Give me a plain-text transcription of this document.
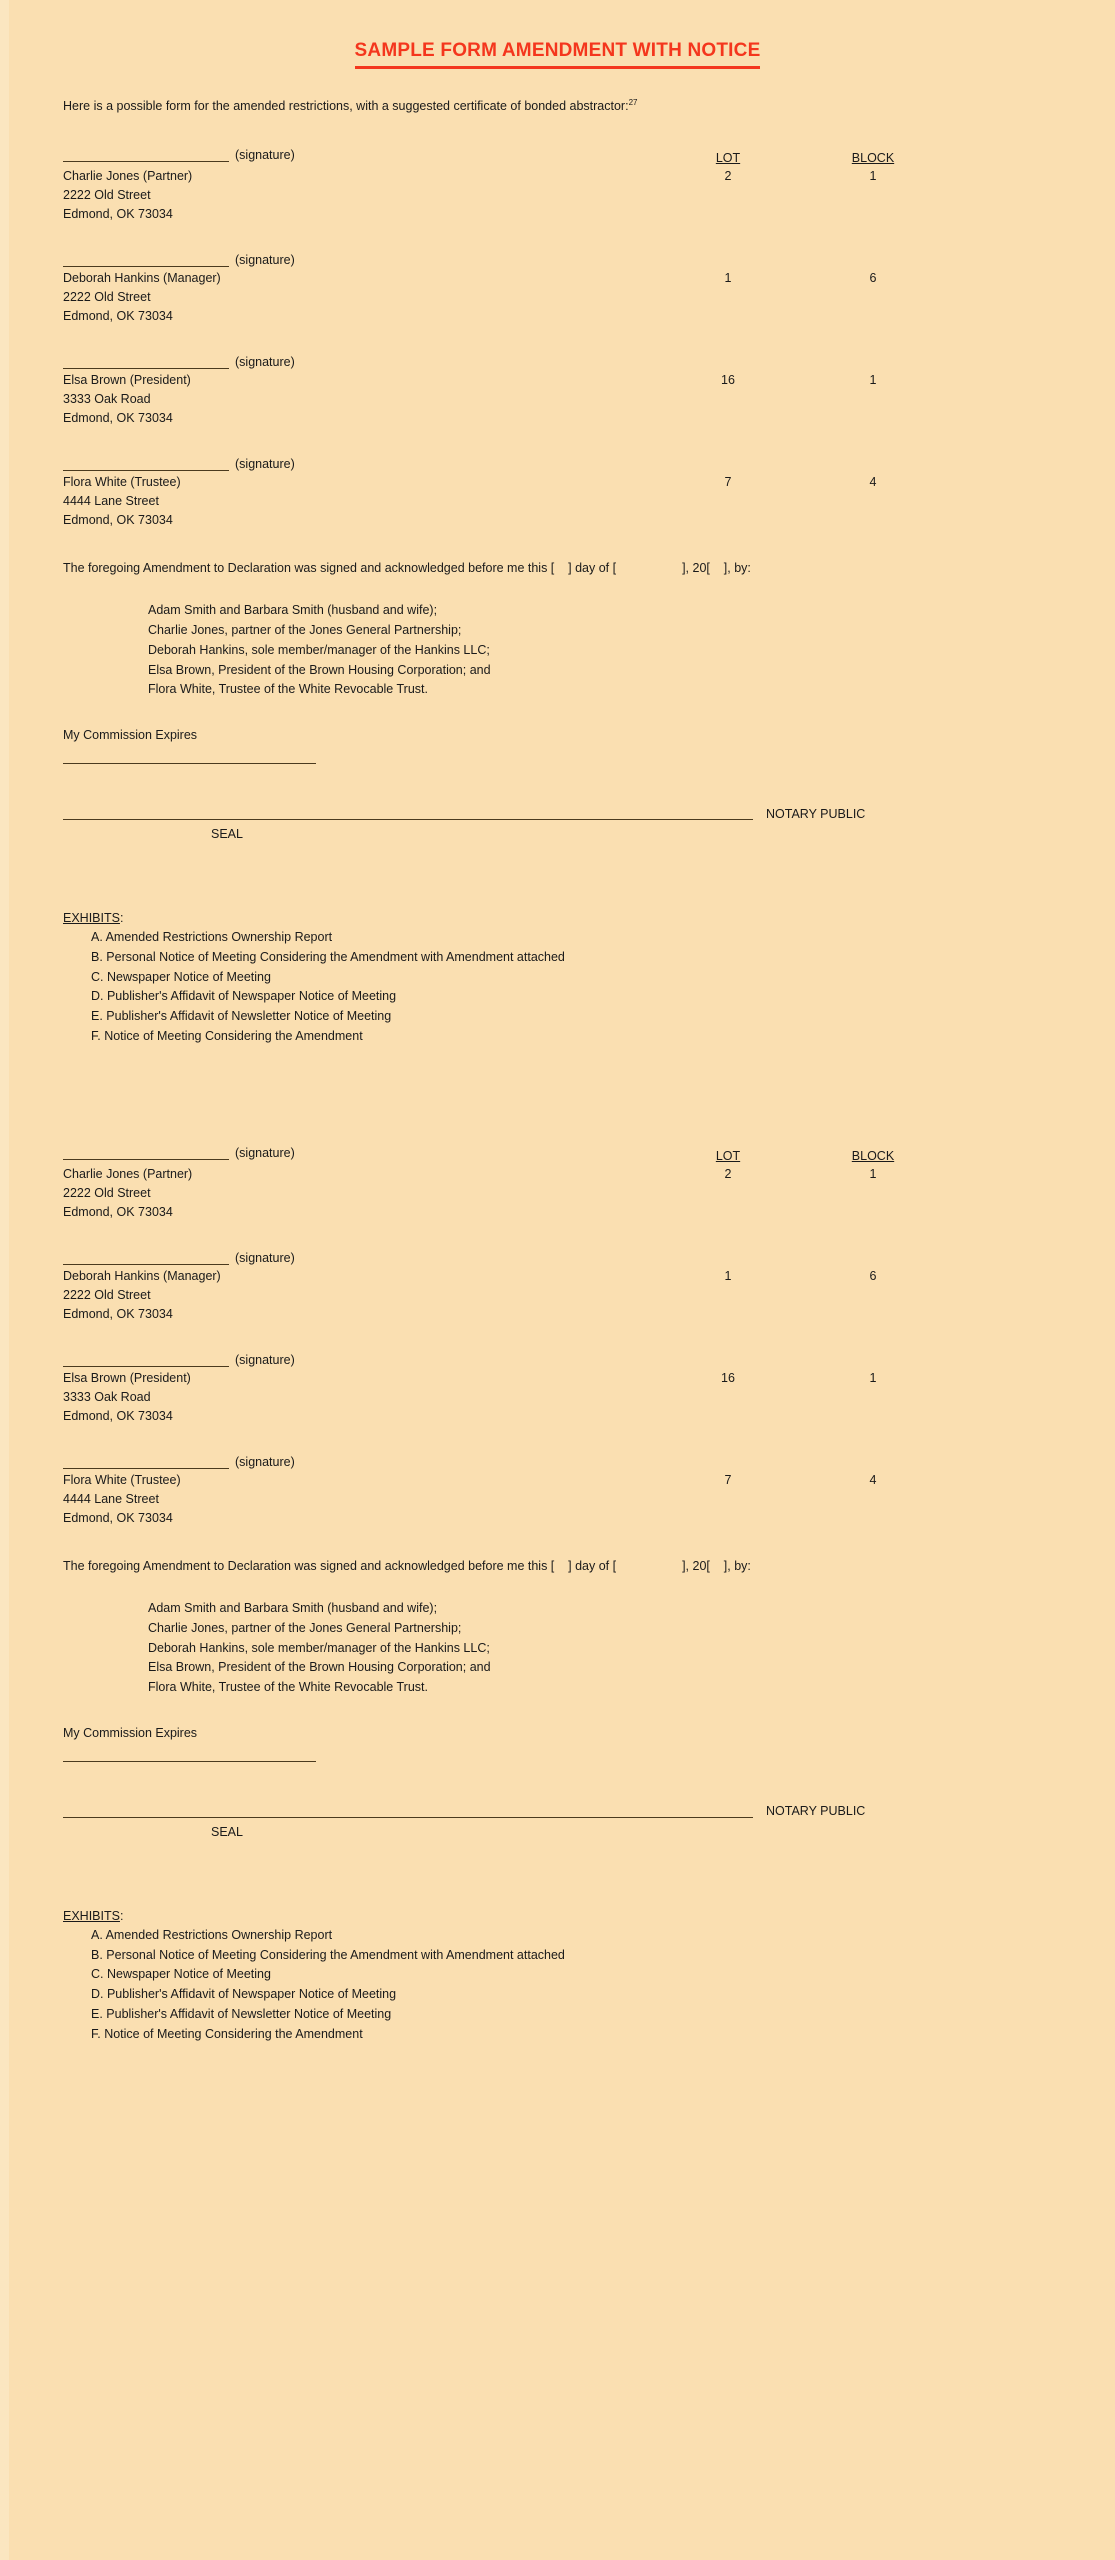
SAMPLE FORM AMENDMENT WITH NOTICE
Here is a possible form for the amended restrictions, with a suggested certificate of bonded abstractor:$^{27}$
(signature)	LOT	BLOCK
Charlie Jones (Partner)	2	1
2222 Old Street
Edmond, OK 73034
(signature)
Deborah Hankins (Manager)	1	6
2222 Old Street
Edmond, OK 73034
(signature)
Elsa Brown (President)	16	1
3333 Oak Road
Edmond, OK 73034
(signature)
Flora White (Trustee)	7	4
4444 Lane Street
Edmond, OK 73034
The foregoing Amendment to Declaration was signed and acknowledged before me this [    ] day of [                   ], 20[    ], by:
Adam Smith and Barbara Smith (husband and wife);
Charlie Jones, partner of the Jones General Partnership;
Deborah Hankins, sole member/manager of the Hankins LLC;
Elsa Brown, President of the Brown Housing Corporation; and
Flora White, Trustee of the White Revocable Trust.
My Commission Expires
NOTARY PUBLIC
SEAL
EXHIBITS:
A. Amended Restrictions Ownership Report
B. Personal Notice of Meeting Considering the Amendment with Amendment attached
C. Newspaper Notice of Meeting
D. Publisher's Affidavit of Newspaper Notice of Meeting
E. Publisher's Affidavit of Newsletter Notice of Meeting
F. Notice of Meeting Considering the Amendment
(signature)	LOT	BLOCK
Charlie Jones (Partner)	2	1
2222 Old Street
Edmond, OK 73034
(signature)
Deborah Hankins (Manager)	1	6
2222 Old Street
Edmond, OK 73034
(signature)
Elsa Brown (President)	16	1
3333 Oak Road
Edmond, OK 73034
(signature)
Flora White (Trustee)	7	4
4444 Lane Street
Edmond, OK 73034
The foregoing Amendment to Declaration was signed and acknowledged before me this [    ] day of [                   ], 20[    ], by:
Adam Smith and Barbara Smith (husband and wife);
Charlie Jones, partner of the Jones General Partnership;
Deborah Hankins, sole member/manager of the Hankins LLC;
Elsa Brown, President of the Brown Housing Corporation; and
Flora White, Trustee of the White Revocable Trust.
My Commission Expires
NOTARY PUBLIC
SEAL
EXHIBITS:
A. Amended Restrictions Ownership Report
B. Personal Notice of Meeting Considering the Amendment with Amendment attached
C. Newspaper Notice of Meeting
D. Publisher's Affidavit of Newspaper Notice of Meeting
E. Publisher's Affidavit of Newsletter Notice of Meeting
F. Notice of Meeting Considering the Amendment
